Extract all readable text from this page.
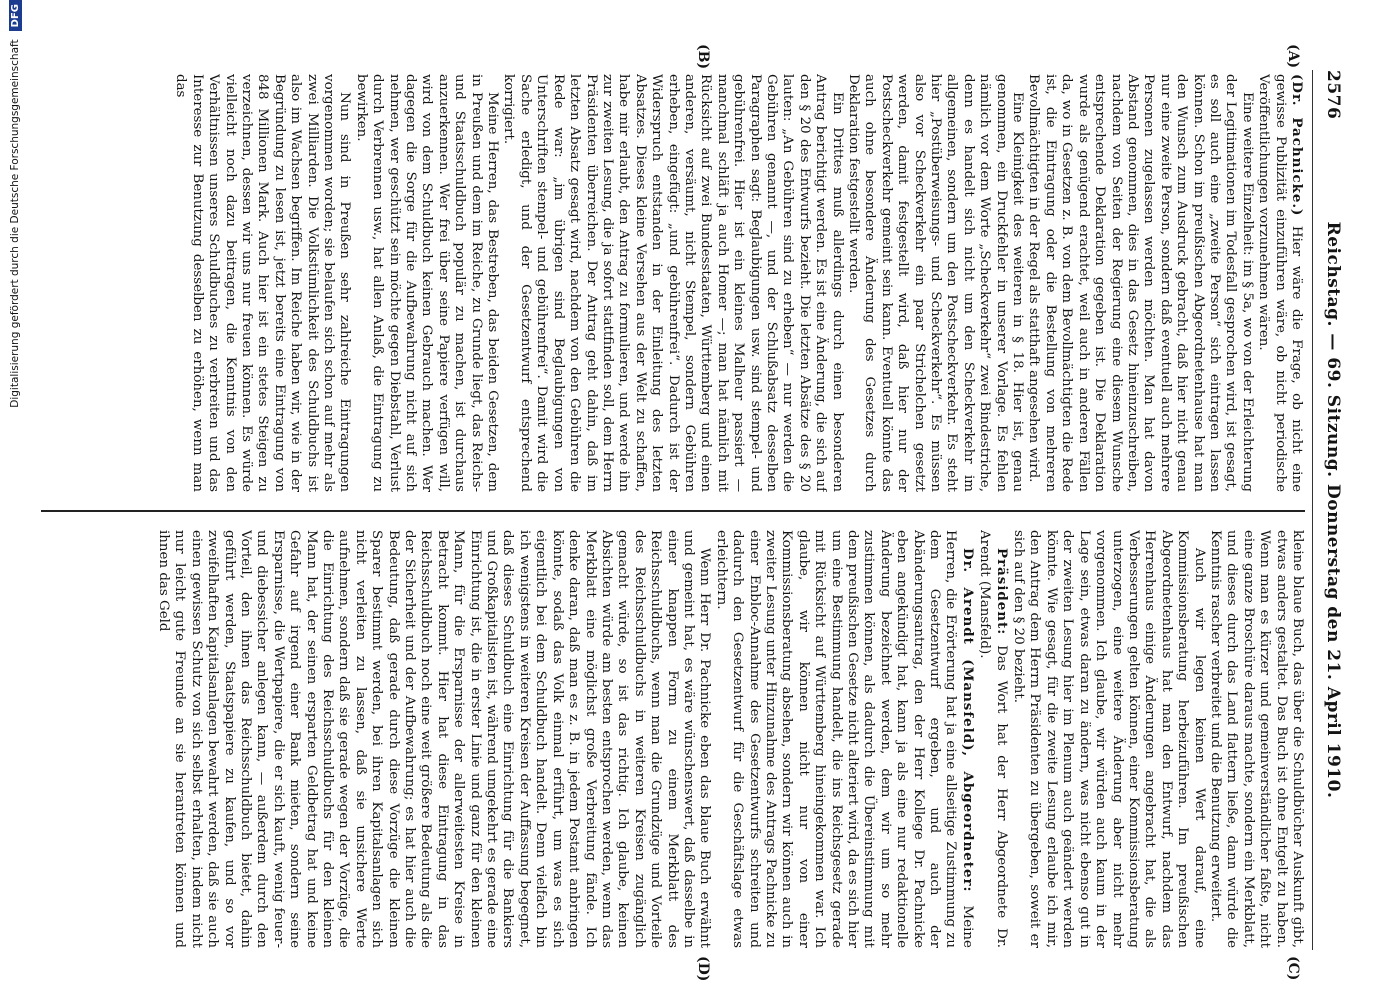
2576
Reichstag. — 69. Sitzung. Donnerstag den 21. April 1910.
(A)
(B)
(C)
(D)

(Dr. Pachnicke.) Hier wäre die Frage, ob nicht eine gewisse Publizität einzuführen wäre, ob nicht periodische Veröffentlichungen vorzunehmen wären.

Eine weitere Einzelheit: im § 5a, wo von der Erleichterung der Legitimationen im Todesfall gesprochen wird, ist gesagt, es soll auch eine „zweite Person“ sich eintragen lassen können. Schon im preußischen Abgeordnetenhause hat man den Wunsch zum Ausdruck gebracht, daß hier nicht genau nur eine zweite Person, sondern daß eventuell auch mehrere Personen zugelassen werden möchten. Man hat davon Abstand genommen, dies in das Gesetz hineinzuschreiben, nachdem von Seiten der Regierung eine diesem Wunsche entsprechende Deklaration gegeben ist. Die Deklaration wurde als genügend erachtet, weil auch in anderen Fällen da, wo in Gesetzen z. B. von dem Bevollmächtigten die Rede ist, die Eintragung oder die Bestellung von mehreren Bevollmächtigten in der Regel als statthaft angesehen wird.

Eine Kleinigkeit des weiteren in § 18. Hier ist, genau genommen, ein Druckfehler in unserer Vorlage. Es fehlen nämlich vor dem Worte „Scheckverkehr“ zwei Bindestriche, denn es handelt sich nicht um den Scheckverkehr im allgemeinen, sondern um den Postscheckverkehr. Es steht hier „Postüberweisungs- und Scheckverkehr“. Es müssen also vor Scheckverkehr ein paar Strichelchen gesetzt werden, damit festgestellt wird, daß hier nur der Postscheckverkehr gemeint sein kann. Eventuell könnte das auch ohne besondere Änderung des Gesetzes durch Deklaration festgestellt werden.

Ein Drittes muß allerdings durch einen besonderen Antrag berichtigt werden. Es ist eine Änderung, die sich auf den § 20 des Entwurfs bezieht. Die letzten Absätze des § 20 lauten: „An Gebühren sind zu erheben“ — nur werden die Gebühren genannt —, und der Schlußabsatz desselben Paragraphen sagt: Beglaubigungen usw. sind stempel- und gebührenfrei. Hier ist ein kleines Malheur passiert — manchmal schläft ja auch Homer —; man hat nämlich mit Rücksicht auf zwei Bundesstaaten, Württemberg und einen anderen, versäumt, nicht Stempel, sondern Gebühren erheben, eingefügt: „und gebührenfrei“. Dadurch ist der Widerspruch entstanden in der Einleitung des letzten Absatzes. Dieses kleine Versehen aus der Welt zu schaffen, habe mir erlaubt, den Antrag zu formulieren, und werde ihn zur zweiten Lesung, die ja sofort stattfinden soll, dem Herrn Präsidenten überreichen. Der Antrag geht dahin, daß im letzten Absatz gesagt wird, nachdem von den Gebühren die Rede war: „im übrigen sind Beglaubigungen von Unterschriften stempel- und gebührenfrei“. Damit wird die Sache erledigt, und der Gesetzentwurf entsprechend korrigiert.

Meine Herren, das Bestreben, das beiden Gesetzen, dem in Preußen und dem im Reiche, zu Grunde liegt, das Reichs- und Staatsschuldbuch populär zu machen, ist durchaus anzuerkennen. Wer frei über seine Papiere verfügen will, wird von dem Schuldbuch keinen Gebrauch machen. Wer dagegen die Sorge für die Aufbewahrung nicht auf sich nehmen, wer geschützt sein möchte gegen Diebstahl, Verlust durch Verbrennen usw., hat allen Anlaß, die Eintragung zu bewirken.

Nun sind in Preußen sehr zahlreiche Eintragungen vorgenommen worden; sie belaufen sich schon auf mehr als zwei Milliarden. Die Volkstümlichkeit des Schuldbuchs ist also im Wachsen begriffen. Im Reiche haben wir, wie in der Begründung zu lesen ist, jetzt bereits eine Eintragung von 848 Millionen Mark. Auch hier ist ein stetes Steigen zu verzeichnen, dessen wir uns nur freuen können. Es würde vielleicht noch dazu beitragen, die Kenntnis von den Verhältnissen unseres Schuldbuches zu verbreiten und das Interesse zur Benutzung desselben zu erhöhen, wenn man das

kleine blaue Buch, das über die Schuldbücher Auskunft gibt, etwas anders gestaltet. Das Buch ist ohne Entgelt zu haben. Wenn man es kürzer und gemeinverständlicher faßte, nicht eine ganze Broschüre daraus machte, sondern ein Merkblatt, und dieses durch das Land flattern ließe, dann würde die Kenntnis rascher verbreitet und die Benutzung erweitert.

Auch wir legen keinen Wert darauf, eine Kommissionsberatung herbeizuführen. Im preußischen Abgeordnetenhaus hat man den Entwurf, nachdem das Herrenhaus einige Änderungen angebracht hat, die als Verbesserungen gelten können, einer Kommissionsberatung unterzogen, eine weitere Änderung aber nicht mehr vorgenommen. Ich glaube, wir würden auch kaum in der Lage sein, etwas daran zu ändern, was nicht ebenso gut in der zweiten Lesung hier im Plenum auch geändert werden könnte. Wie gesagt, für die zweite Lesung erlaube ich mir, den Antrag dem Herrn Präsidenten zu übergeben, soweit er sich auf den § 20 bezieht.

Präsident: Das Wort hat der Herr Abgeordnete Dr. Arendt (Mansfeld).

Dr. Arendt (Mansfeld), Abgeordneter: Meine Herren, die Erörterung hat ja eine allseitige Zustimmung zu dem Gesetzentwurf ergeben, und auch der Abänderungsantrag, den der Herr Kollege Dr. Pachnicke eben angekündigt hat, kann ja als eine nur redaktionelle Änderung bezeichnet werden, dem wir um so mehr zustimmen können, als dadurch die Übereinstimmung mit dem preußischen Gesetze nicht alteriert wird, da es sich hier um eine Bestimmung handelt, die ins Reichsgesetz gerade mit Rücksicht auf Württemberg hineingekommen war. Ich glaube, wir können nicht nur von einer Kommissionsberatung absehen, sondern wir können auch in zweiter Lesung unter Hinzunahme des Antrags Pachnicke zu einer Enbloc-Annahme des Gesetzentwurfs schreiten und dadurch den Gesetzentwurf für die Geschäftslage etwas erleichtern.

Wenn Herr Dr. Pachnicke eben das blaue Buch erwähnt und gemeint hat, es wäre wünschenswert, daß dasselbe in einer knappen Form zu einem Merkblatt des Reichsschuldbuchs, wenn man die Grundzüge und Vorteile des Reichsschuldbuchs in weiteren Kreisen zugänglich gemacht würde, so ist das richtig. Ich glaube, keinen Absichten würde am besten entsprochen werden, wenn das Merkblatt eine möglichst große Verbreitung fände. Ich denke daran, daß man es z. B. in jedem Postamt anbringen könnte, sodaß das Volk einmal erführt, um was es sich eigentlich bei dem Schuldbuch handelt. Denn vielfach bin ich wenigstens in weiteren Kreisen der Auffassung begegnet, daß dieses Schuldbuch eine Einrichtung für die Bankiers und Großkapitalisten ist, während umgekehrt es gerade eine Einrichtung ist, die in erster Linie und ganz für den kleinen Mann, für die Ersparnisse der allerweitesten Kreise in Betracht kommt. Hier hat diese Eintragung in das Reichsschuldbuch noch eine weit größere Bedeutung als die der Sicherheit und der Aufbewahrung; es hat hier auch die Bedeutung, daß gerade durch diese Vorzüge die kleinen Sparer bestimmt werden, bei ihren Kapitalsanlagen sich nicht verleiten zu lassen, daß sie unsichere Werte aufnehmen, sondern daß sie gerade wegen der Vorzüge, die die Einrichtung des Reichsschuldbuchs für den kleinen Mann hat, der seinen ersparten Geldbetrag hat und keine Gefahr auf irgend einer Bank mieten, sondern seine Ersparnisse, die Wertpapiere, die er sich kauft, wenig feuer- und diebessicher anlegen kann, — außerdem durch den Vorteil, den ihnen das Reichsschuldbuch bietet, dahin geführt werden, Staatspapiere zu kaufen, und so vor zweifelhaften Kapitalsanlagen bewahrt werden, daß sie auch einen gewissen Schutz von sich selbst erhalten, indem nicht nur leicht gute Freunde an sie herantreten können und ihnen das Geld

Digitalisierung gefördert durch die Deutsche Forschungsgemeinschaft
DFG
